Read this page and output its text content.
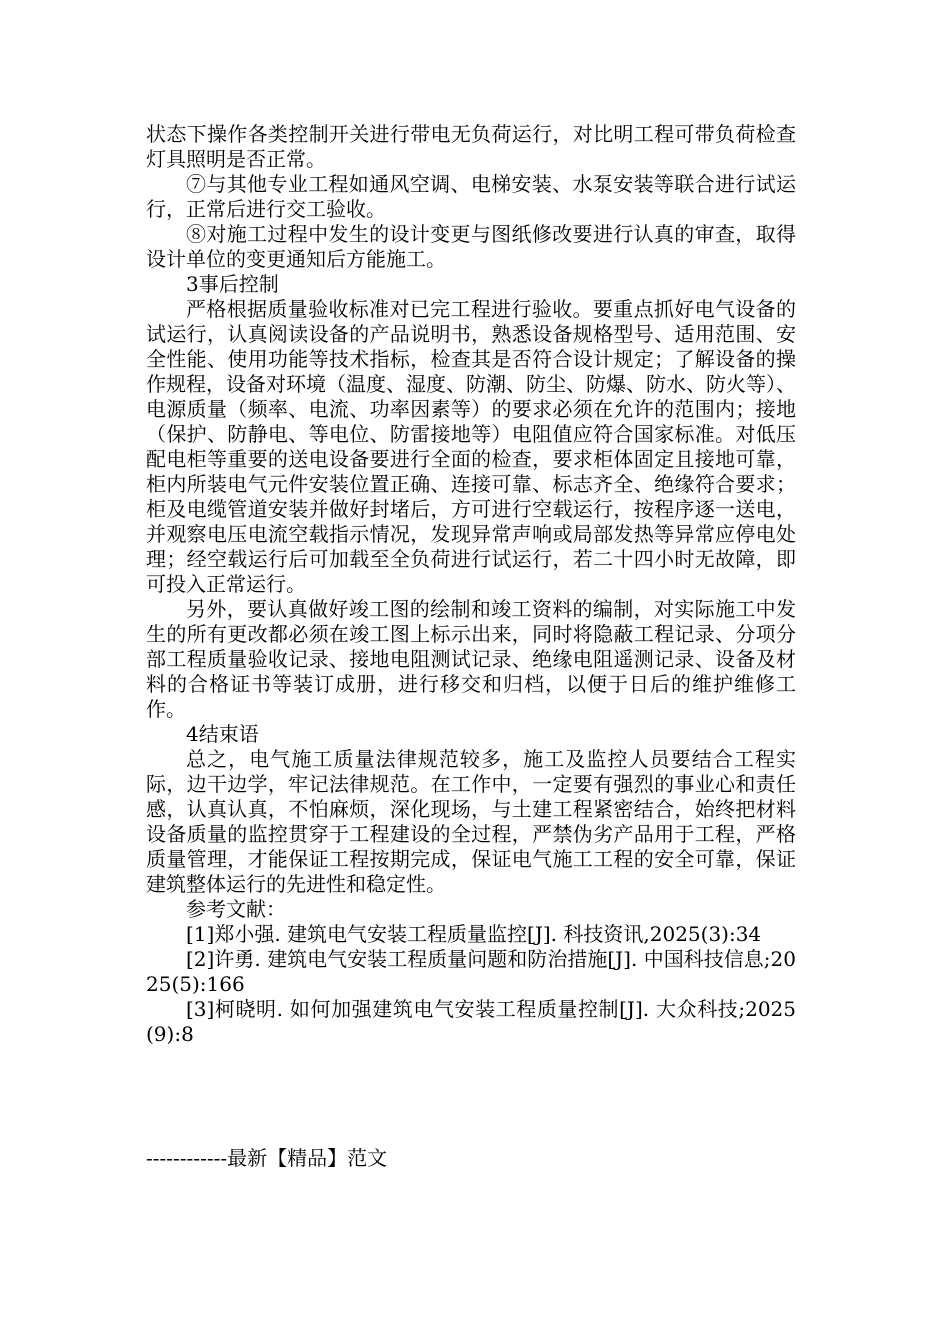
状态下操作各类控制开关进行带电无负荷运行，对比明工程可带负荷检查灯具照明是否正常。

⑦与其他专业工程如通风空调、电梯安装、水泵安装等联合进行试运行，正常后进行交工验收。

⑧对施工过程中发生的设计变更与图纸修改要进行认真的审查，取得设计单位的变更通知后方能施工。

3事后控制

严格根据质量验收标准对已完工程进行验收。要重点抓好电气设备的试运行，认真阅读设备的产品说明书，熟悉设备规格型号、适用范围、安全性能、使用功能等技术指标，检查其是否符合设计规定；了解设备的操作规程，设备对环境（温度、湿度、防潮、防尘、防爆、防水、防火等）、电源质量（频率、电流、功率因素等）的要求必须在允许的范围内；接地（保护、防静电、等电位、防雷接地等）电阻值应符合国家标准。对低压配电柜等重要的送电设备要进行全面的检查，要求柜体固定且接地可靠，柜内所装电气元件安装位置正确、连接可靠、标志齐全、绝缘符合要求；柜及电缆管道安装并做好封堵后，方可进行空载运行，按程序逐一送电，并观察电压电流空载指示情况，发现异常声响或局部发热等异常应停电处理；经空载运行后可加载至全负荷进行试运行，若二十四小时无故障，即可投入正常运行。

另外，要认真做好竣工图的绘制和竣工资料的编制，对实际施工中发生的所有更改都必须在竣工图上标示出来，同时将隐蔽工程记录、分项分部工程质量验收记录、接地电阻测试记录、绝缘电阻遥测记录、设备及材料的合格证书等装订成册，进行移交和归档，以便于日后的维护维修工作。

4结束语

总之，电气施工质量法律规范较多，施工及监控人员要结合工程实际，边干边学，牢记法律规范。在工作中，一定要有强烈的事业心和责任感，认真认真，不怕麻烦，深化现场，与土建工程紧密结合，始终把材料设备质量的监控贯穿于工程建设的全过程，严禁伪劣产品用于工程，严格质量管理，才能保证工程按期完成，保证电气施工工程的安全可靠，保证建筑整体运行的先进性和稳定性。

参考文献：

[1]郑小强. 建筑电气安装工程质量监控[J]. 科技资讯,2025(3):34

[2]许勇. 建筑电气安装工程质量问题和防治措施[J]. 中国科技信息;2025(5):166

[3]柯晓明. 如何加强建筑电气安装工程质量控制[J]. 大众科技;2025(9):8

------------最新【精品】范文
